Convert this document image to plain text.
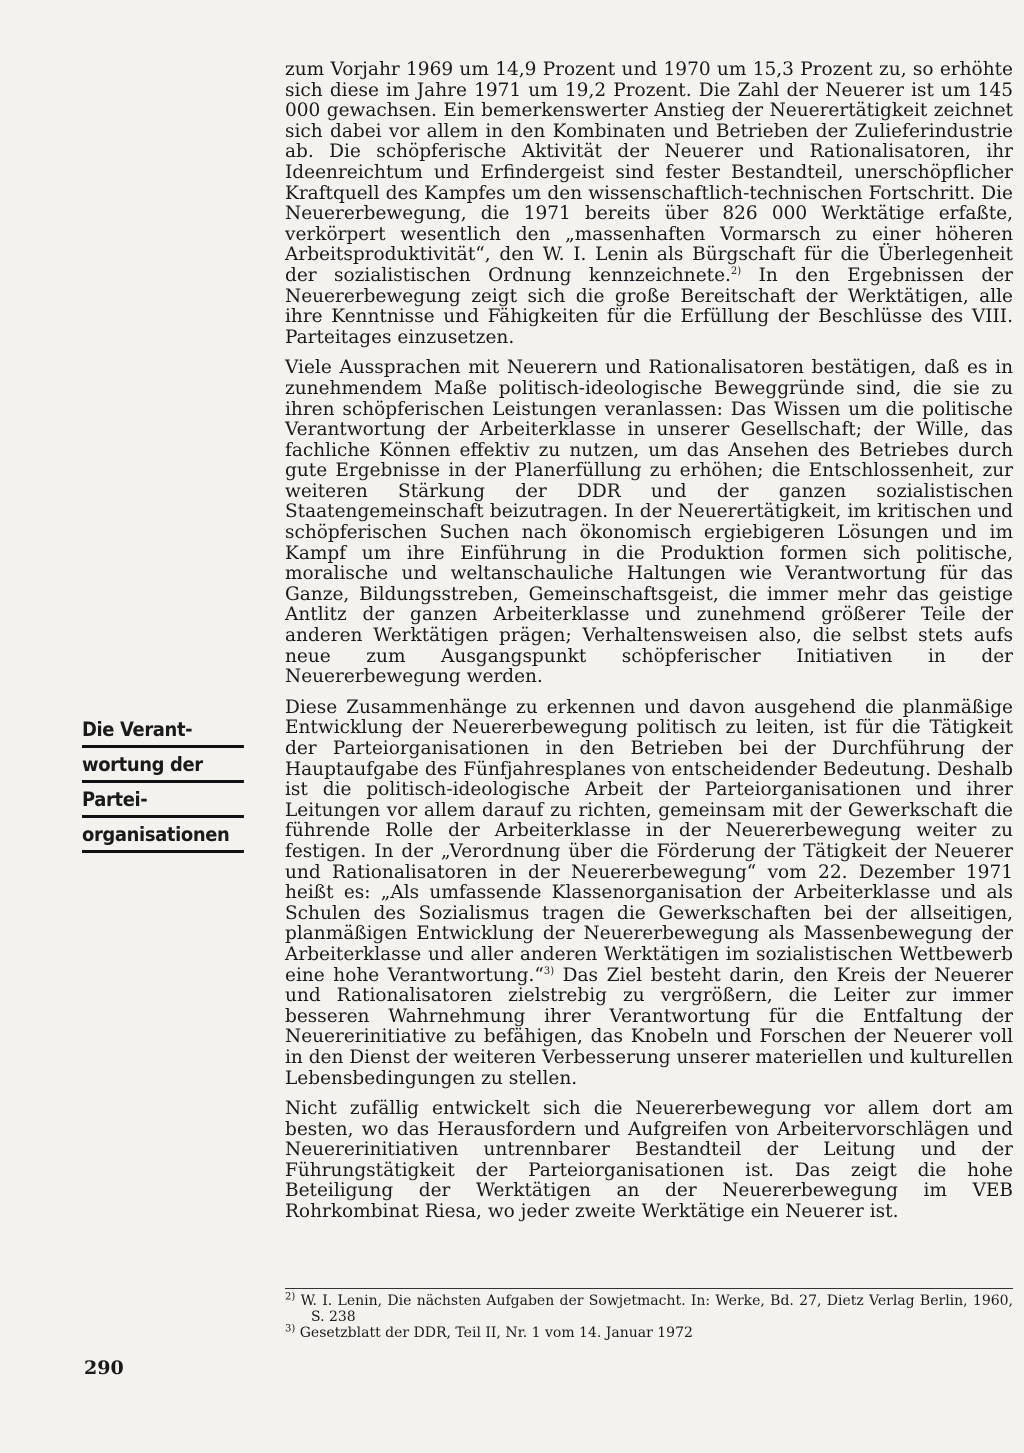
zum Vorjahr 1969 um 14,9 Prozent und 1970 um 15,3 Prozent zu, so erhöhte sich diese im Jahre 1971 um 19,2 Prozent. Die Zahl der Neuerer ist um 145 000 gewachsen. Ein bemerkenswerter Anstieg der Neuerertätigkeit zeichnet sich dabei vor allem in den Kombinaten und Betrieben der Zulieferindustrie ab. Die schöpferische Aktivität der Neuerer und Rationalisatoren, ihr Ideenreichtum und Erfindergeist sind fester Bestandteil, unerschöpflicher Kraftquell des Kampfes um den wissenschaftlich-technischen Fortschritt. Die Neuererbewegung, die 1971 bereits über 826 000 Werktätige erfaßte, verkörpert wesentlich den „massenhaften Vormarsch zu einer höheren Arbeitsproduktivität“, den W. I. Lenin als Bürgschaft für die Überlegenheit der sozialistischen Ordnung kennzeichnete.$^{2)}$ In den Ergebnissen der Neuererbewegung zeigt sich die große Bereitschaft der Werktätigen, alle ihre Kenntnisse und Fähigkeiten für die Erfüllung der Beschlüsse des VIII. Parteitages einzusetzen.

Viele Aussprachen mit Neuerern und Rationalisatoren bestätigen, daß es in zunehmendem Maße politisch-ideologische Beweggründe sind, die sie zu ihren schöpferischen Leistungen veranlassen: Das Wissen um die politische Verantwortung der Arbeiterklasse in unserer Gesellschaft; der Wille, das fachliche Können effektiv zu nutzen, um das Ansehen des Betriebes durch gute Ergebnisse in der Planerfüllung zu erhöhen; die Entschlossenheit, zur weiteren Stärkung der DDR und der ganzen sozialistischen Staatengemeinschaft beizutragen. In der Neuerertätigkeit, im kritischen und schöpferischen Suchen nach ökonomisch ergiebigeren Lösungen und im Kampf um ihre Einführung in die Produktion formen sich politische, moralische und weltanschauliche Haltungen wie Verantwortung für das Ganze, Bildungsstreben, Gemeinschaftsgeist, die immer mehr das geistige Antlitz der ganzen Arbeiterklasse und zunehmend größerer Teile der anderen Werktätigen prägen; Verhaltensweisen also, die selbst stets aufs neue zum Ausgangspunkt schöpferischer Initiativen in der Neuererbewegung werden.

Diese Zusammenhänge zu erkennen und davon ausgehend die planmäßige Entwicklung der Neuererbewegung politisch zu leiten, ist für die Tätigkeit der Parteiorganisationen in den Betrieben bei der Durchführung der Hauptaufgabe des Fünfjahresplanes von entscheidender Bedeutung. Deshalb ist die politisch-ideologische Arbeit der Parteiorganisationen und ihrer Leitungen vor allem darauf zu richten, gemeinsam mit der Gewerkschaft die führende Rolle der Arbeiterklasse in der Neuererbewegung weiter zu festigen. In der „Verordnung über die Förderung der Tätigkeit der Neuerer und Rationalisatoren in der Neuererbewegung“ vom 22. Dezember 1971 heißt es: „Als umfassende Klassenorganisation der Arbeiterklasse und als Schulen des Sozialismus tragen die Gewerkschaften bei der allseitigen, planmäßigen Entwicklung der Neuererbewegung als Massenbewegung der Arbeiterklasse und aller anderen Werktätigen im sozialistischen Wettbewerb eine hohe Verantwortung.“$^{3)}$ Das Ziel besteht darin, den Kreis der Neuerer und Rationalisatoren zielstrebig zu vergrößern, die Leiter zur immer besseren Wahrnehmung ihrer Verantwortung für die Entfaltung der Neuererinitiative zu befähigen, das Knobeln und Forschen der Neuerer voll in den Dienst der weiteren Verbesserung unserer materiellen und kulturellen Lebensbedingungen zu stellen.

Nicht zufällig entwickelt sich die Neuererbewegung vor allem dort am besten, wo das Herausfordern und Aufgreifen von Arbeitervorschlägen und Neuererinitiativen untrennbarer Bestandteil der Leitung und der Führungstätigkeit der Parteiorganisationen ist. Das zeigt die hohe Beteiligung der Werktätigen an der Neuererbewegung im VEB Rohrkombinat Riesa, wo jeder zweite Werktätige ein Neuerer ist.

Die Verant-
wortung der
Partei-
organisationen

$^{2)}$ W. I. Lenin, Die nächsten Aufgaben der Sowjetmacht. In: Werke, Bd. 27, Dietz Verlag Berlin, 1960, S. 238

$^{3)}$ Gesetzblatt der DDR, Teil II, Nr. 1 vom 14. Januar 1972

290
